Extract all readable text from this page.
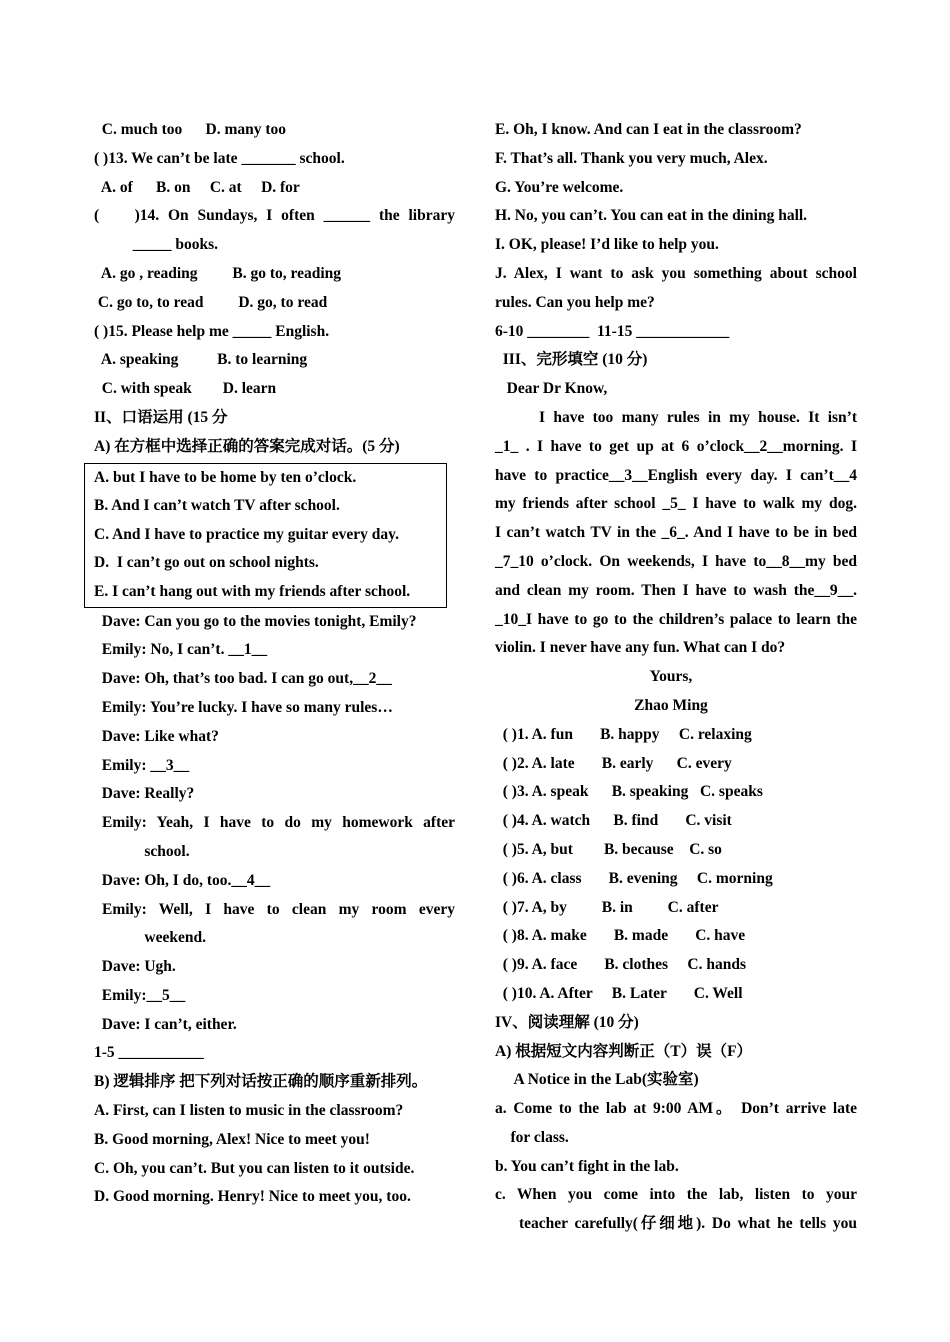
C. much too      D. many too
( )13. We can’t be late _______ school.
A. of      B. on     C. at     D. for
(    )14. On Sundays, I often ______ the library
_____ books.
A. go , reading         B. go to, reading
C. go to, to read         D. go, to read
( )15. Please help me _____ English.
A. speaking          B. to learning
C. with speak        D. learn
II、口语运用 (15 分
A) 在方框中选择正确的答案完成对话。(5 分)
A. but I have to be home by ten o’clock.
B. And I can’t watch TV after school.
C. And I have to practice my guitar every day.
D.  I can’t go out on school nights.
E. I can’t hang out with my friends after school.
Dave: Can you go to the movies tonight, Emily?
Emily: No, I can’t. __1__
Dave: Oh, that’s too bad. I can go out,__2__
Emily: You’re lucky. I have so many rules…
Dave: Like what?
Emily: __3__
Dave: Really?
Emily: Yeah, I have to do my homework after
school.
Dave: Oh, I do, too.__4__
Emily: Well, I have to clean my room every
weekend.
Dave: Ugh.
Emily:__5__
Dave: I can’t, either.
1-5 ___________
B) 逻辑排序 把下列对话按正确的顺序重新排列。
A. First, can I listen to music in the classroom?
B. Good morning, Alex! Nice to meet you!
C. Oh, you can’t. But you can listen to it outside.
D. Good morning. Henry! Nice to meet you, too.
E. Oh, I know. And can I eat in the classroom?
F. That’s all. Thank you very much, Alex.
G. You’re welcome.
H. No, you can’t. You can eat in the dining hall.
I. OK, please! I’d like to help you.
J. Alex, I want to ask you something about school
rules. Can you help me?
6-10 ________  11-15 ____________
III、完形填空 (10 分)
Dear Dr Know,
I have too many rules in my house. It isn’t
_1_ . I have to get up at 6 o’clock__2__morning. I
have to practice__3__English every day. I can’t__4
my friends after school _5_ I have to walk my dog.
I can’t watch TV in the _6_. And I have to be in bed
_7_10 o’clock. On weekends, I have to__8__my bed
and clean my room. Then I have to wash the__9__.
_10_I have to go to the children’s palace to learn the
violin. I never have any fun. What can I do?
Yours,
Zhao Ming
( )1. A. fun       B. happy     C. relaxing
( )2. A. late       B. early      C. every
( )3. A. speak      B. speaking   C. speaks
( )4. A. watch      B. find       C. visit
( )5. A, but        B. because    C. so
( )6. A. class       B. evening     C. morning
( )7. A, by         B. in         C. after
( )8. A. make       B. made       C. have
( )9. A. face       B. clothes     C. hands
( )10. A. After     B. Later       C. Well
IV、阅读理解 (10 分)
A) 根据短文内容判断正（T）误（F）
A Notice in the Lab(实验室)
a. Come to the lab at 9:00 AM。 Don’t arrive late
for class.
b. You can’t fight in the lab.
c. When you come into the lab, listen to your
teacher carefully(仔细地). Do what he tells you
